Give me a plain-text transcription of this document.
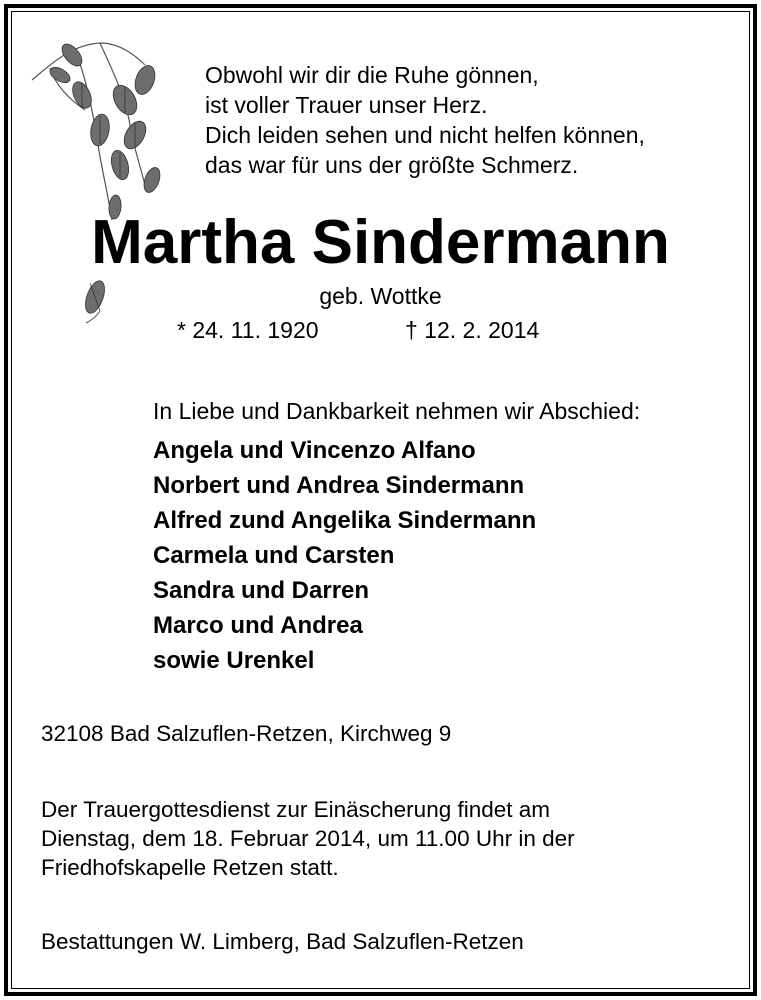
Obwohl wir dir die Ruhe gönnen,
ist voller Trauer unser Herz.
Dich leiden sehen und nicht helfen können,
das war für uns der größte Schmerz.
Martha Sindermann
geb. Wottke
* 24. 11. 1920	† 12. 2. 2014
In Liebe und Dankbarkeit nehmen wir Abschied:
Angela und Vincenzo Alfano
Norbert und Andrea Sindermann
Alfred zund Angelika Sindermann
Carmela und Carsten
Sandra und Darren
Marco und Andrea
sowie Urenkel
32108 Bad Salzuflen-Retzen, Kirchweg 9
Der Trauergottesdienst zur Einäscherung findet am
Dienstag, dem 18. Februar 2014, um 11.00 Uhr in der
Friedhofskapelle Retzen statt.
Bestattungen W. Limberg, Bad Salzuflen-Retzen
